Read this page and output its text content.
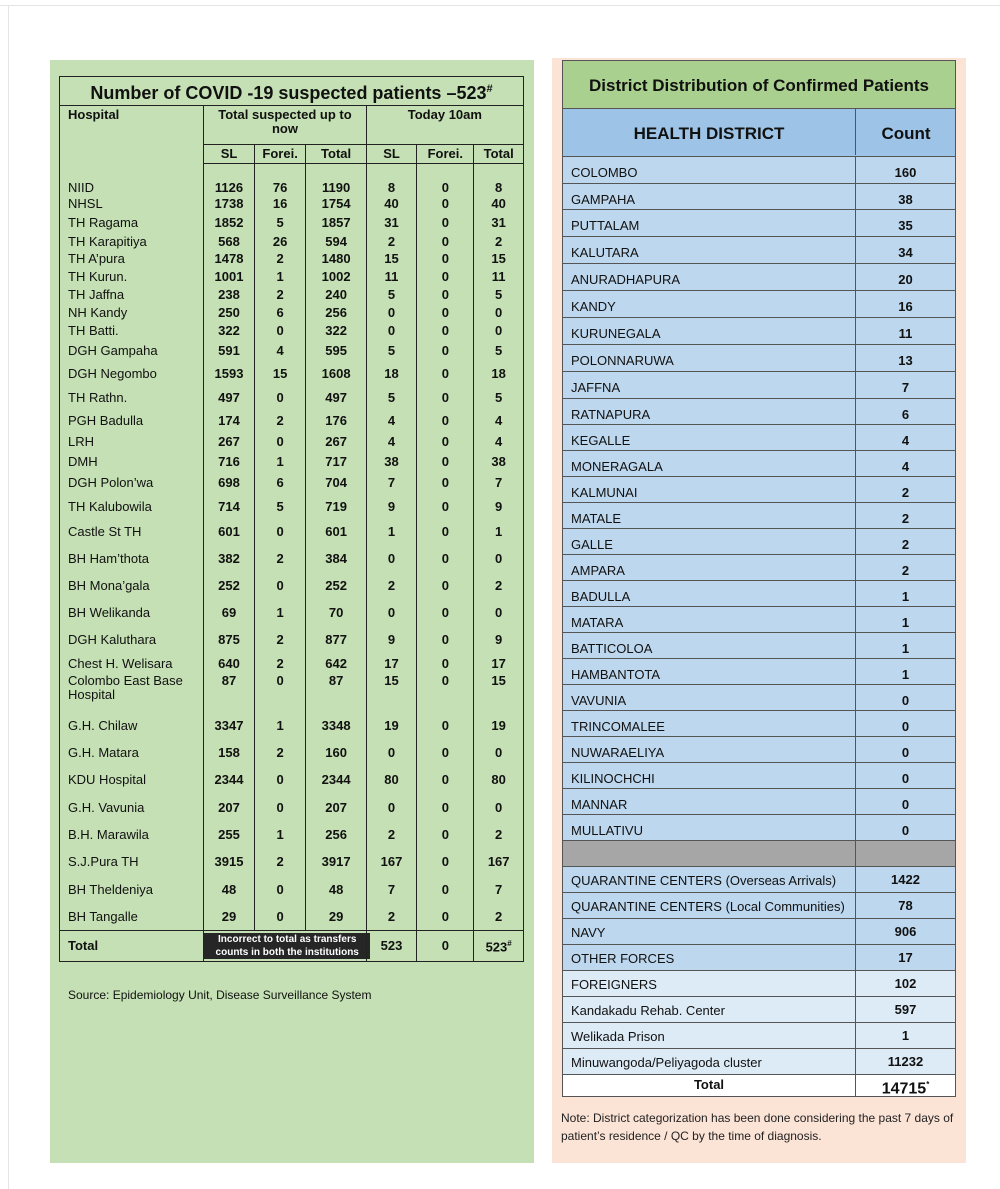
Number of COVID -19 suspected patients –523#
Hospital	Total suspected up to now			Today 10am		
	SL	Forei.	Total	SL	Forei.	Total

NIID	1126	76	1190	8	0	8
NHSL	1738	16	1754	40	0	40
TH Ragama	1852	5	1857	31	0	31
TH Karapitiya	568	26	594	2	0	2
TH A’pura	1478	2	1480	15	0	15
TH Kurun.	1001	1	1002	11	0	11
TH Jaffna	238	2	240	5	0	5
NH Kandy	250	6	256	0	0	0
TH Batti.	322	0	322	0	0	0
DGH Gampaha	591	4	595	5	0	5
DGH Negombo	1593	15	1608	18	0	18
TH Rathn.	497	0	497	5	0	5
PGH Badulla	174	2	176	4	0	4
LRH	267	0	267	4	0	4
DMH	716	1	717	38	0	38
DGH Polon’wa	698	6	704	7	0	7
TH Kalubowila	714	5	719	9	0	9
Castle St TH	601	0	601	1	0	1
BH Ham’thota	382	2	384	0	0	0
BH Mona’gala	252	0	252	2	0	2
BH Welikanda	69	1	70	0	0	0
DGH Kaluthara	875	2	877	9	0	9
Chest H. Welisara	640	2	642	17	0	17
Colombo East Base Hospital	87	0	87	15	0	15
G.H. Chilaw	3347	1	3348	19	0	19
G.H. Matara	158	2	160	0	0	0
KDU Hospital	2344	0	2344	80	0	80
G.H. Vavunia	207	0	207	0	0	0
B.H. Marawila	255	1	256	2	0	2
S.J.Pura TH	3915	2	3917	167	0	167
BH Theldeniya	48	0	48	7	0	7
BH Tangalle	29	0	29	2	0	2
Total	Incorrect to total as transfers counts in both the institutions			523	0	523#
Source: Epidemiology Unit, Disease Surveillance System
District Distribution of Confirmed Patients
HEALTH DISTRICT	Count
COLOMBO	160
GAMPAHA	38
PUTTALAM	35
KALUTARA	34
ANURADHAPURA	20
KANDY	16
KURUNEGALA	11
POLONNARUWA	13
JAFFNA	7
RATNAPURA	6
KEGALLE	4
MONERAGALA	4
KALMUNAI	2
MATALE	2
GALLE	2
AMPARA	2
BADULLA	1
MATARA	1
BATTICOLOA	1
HAMBANTOTA	1
VAVUNIA	0
TRINCOMALEE	0
NUWARAELIYA	0
KILINOCHCHI	0
MANNAR	0
MULLATIVU	0
QUARANTINE CENTERS (Overseas Arrivals)	1422
QUARANTINE CENTERS (Local Communities)	78
NAVY	906
OTHER FORCES	17
FOREIGNERS	102
Kandakadu Rehab. Center	597
Welikada Prison	1
Minuwangoda/Peliyagoda cluster	11232
Total	14715*
Note: District categorization has been done considering the past 7 days of patient’s residence / QC by the time of diagnosis.
